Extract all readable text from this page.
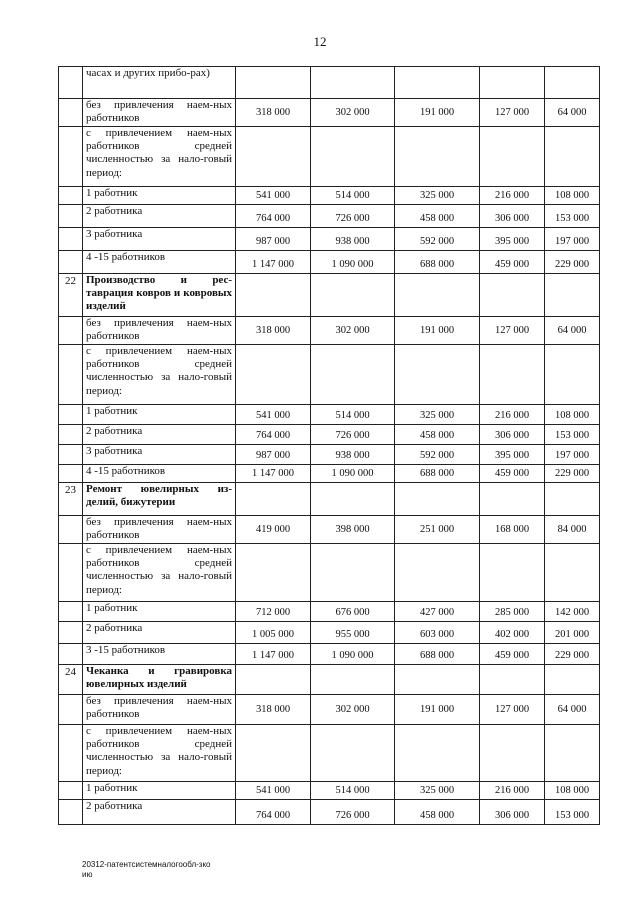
12
	часах и других прибо-рах)					
	без привлечения наем-ных работников	318 000	302 000	191 000	127 000	64 000
	с привлечением наем-ных работников средней численностью за нало-говый период:					
	1 работник	541 000	514 000	325 000	216 000	108 000
	2 работника	764 000	726 000	458 000	306 000	153 000
	3 работника	987 000	938 000	592 000	395 000	197 000
	4 -15 работников	1 147 000	1 090 000	688 000	459 000	229 000
22	Производство и рес-таврация ковров и ковровых изделий					
	без привлечения наем-ных работников	318 000	302 000	191 000	127 000	64 000
	с привлечением наем-ных работников средней численностью за нало-говый период:					
	1 работник	541 000	514 000	325 000	216 000	108 000
	2 работника	764 000	726 000	458 000	306 000	153 000
	3 работника	987 000	938 000	592 000	395 000	197 000
	4 -15 работников	1 147 000	1 090 000	688 000	459 000	229 000
23	Ремонт ювелирных из-делий, бижутерии					
	без привлечения наем-ных работников	419 000	398 000	251 000	168 000	84 000
	с привлечением наем-ных работников средней численностью за нало-говый период:					
	1 работник	712 000	676 000	427 000	285 000	142 000
	2 работника	1 005 000	955 000	603 000	402 000	201 000
	3 -15 работников	1 147 000	1 090 000	688 000	459 000	229 000
24	Чеканка и гравировка ювелирных изделий					
	без привлечения наем-ных работников	318 000	302 000	191 000	127 000	64 000
	с привлечением наем-ных работников средней численностью за нало-говый период:					
	1 работник	541 000	514 000	325 000	216 000	108 000
	2 работника	764 000	726 000	458 000	306 000	153 000
20312-патентсистемналогообл-зко
ию
